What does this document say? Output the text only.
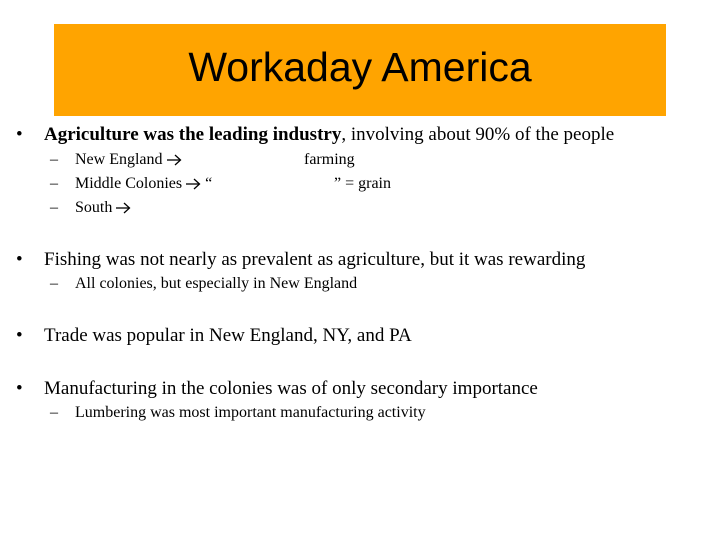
Workaday America
• Agriculture was the leading industry, involving about 90% of the people
– New England	farming
– Middle Colonies “	” = grain
– South
• Fishing was not nearly as prevalent as agriculture, but it was rewarding
– All colonies, but especially in New England
• Trade was popular in New England, NY, and PA
• Manufacturing in the colonies was of only secondary importance
– Lumbering was most important manufacturing activity
